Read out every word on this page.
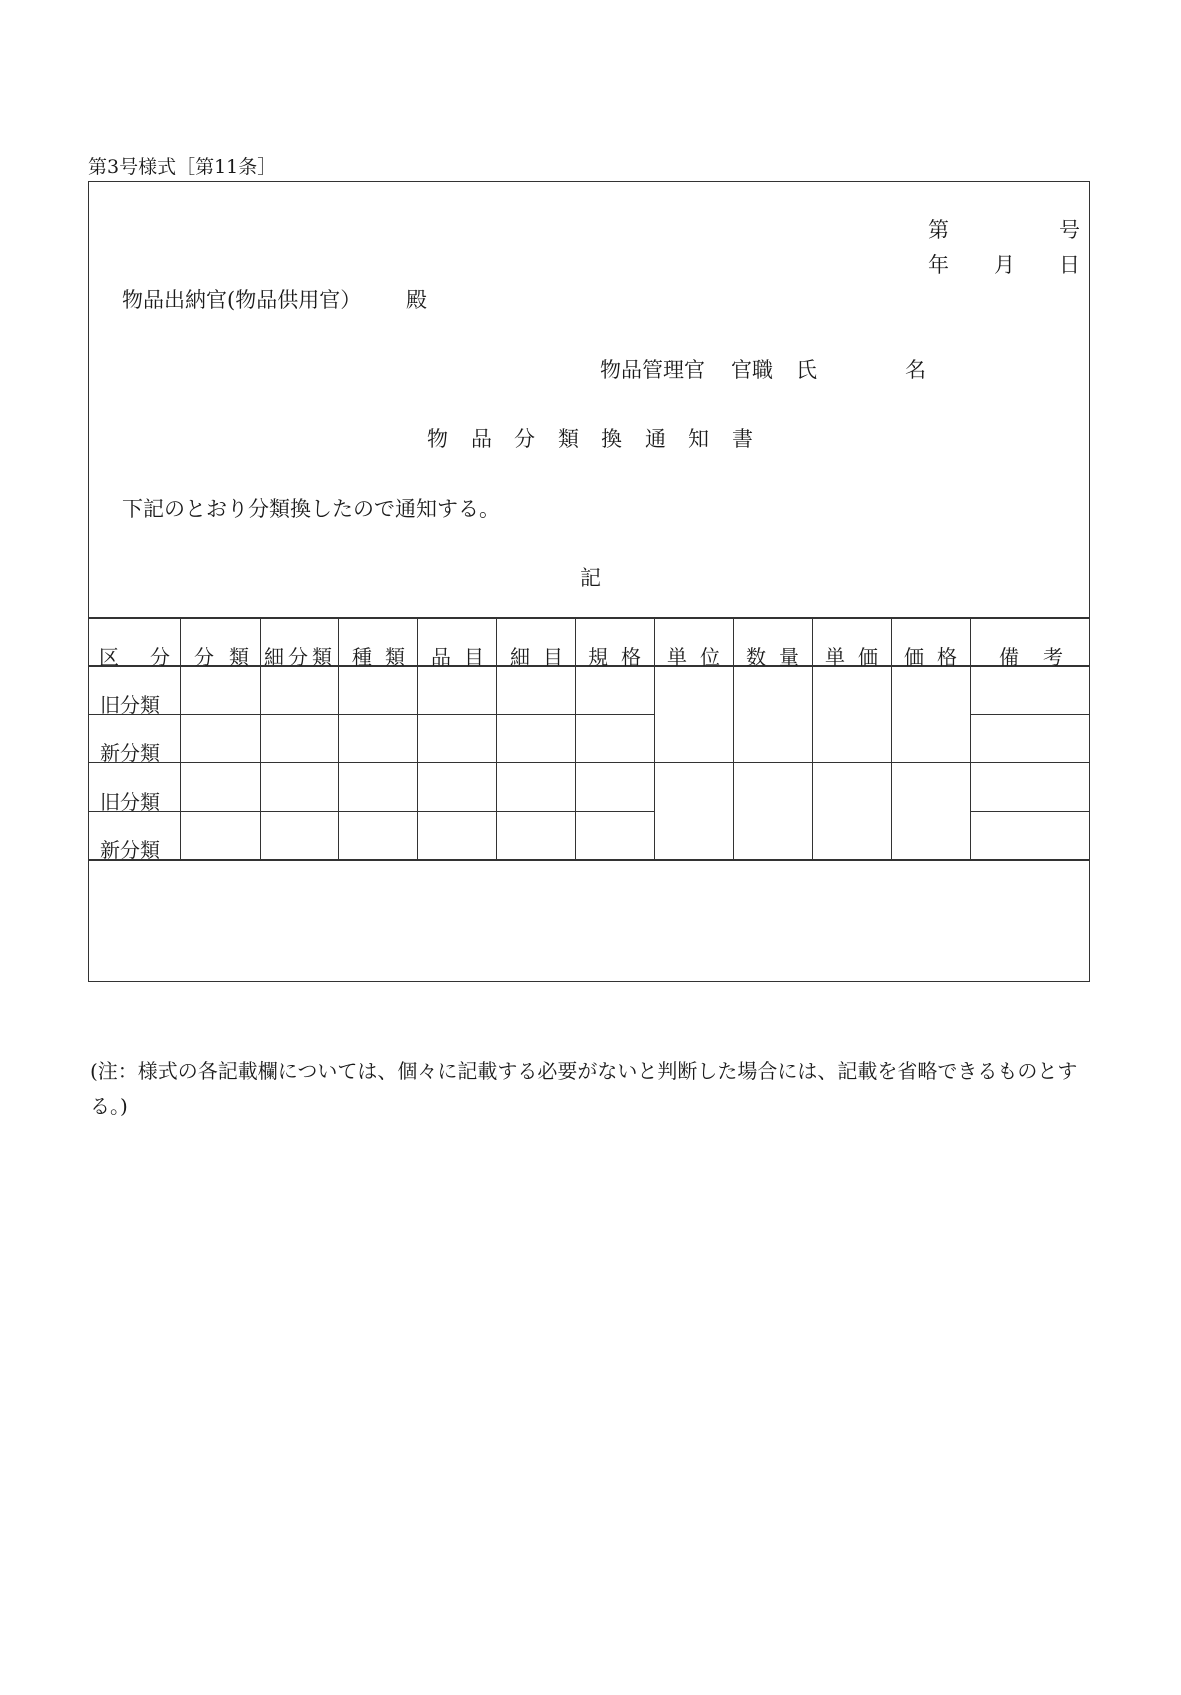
第3号様式［第11条］
第	号
年 月 日
物品出納官(物品供用官） 殿
物品管理官 官職 氏	名
物 品 分 類 換 通 知 書
下記のとおり分類換したので通知する。
記
区 分 分 類 細分類 種 類 品 目 細 目 規 格 単 位 数 量 単 価 価 格 備 考
旧分類
新分類
旧分類
新分類
(注：様式の各記載欄については、個々に記載する必要がないと判断した場合には、記載を省略できるものとする。)
